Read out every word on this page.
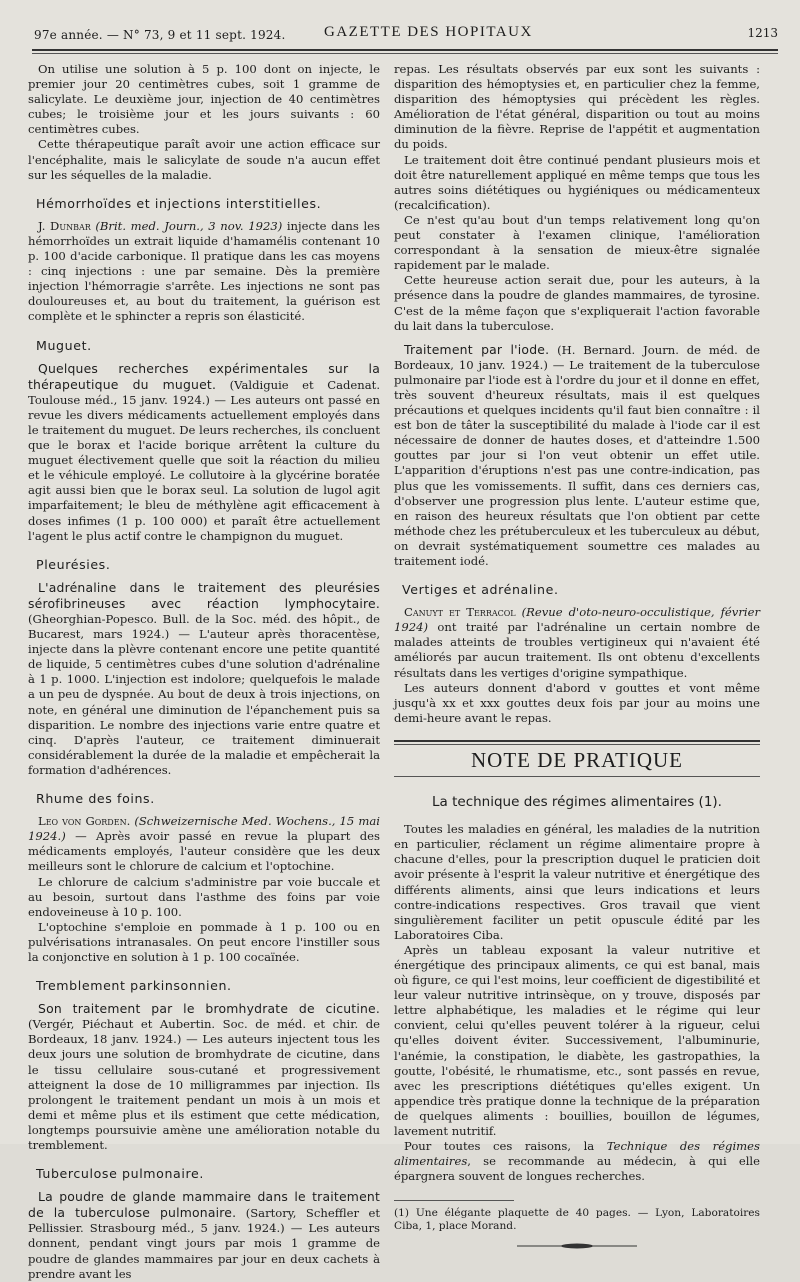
97e année. — N° 73, 9 et 11 sept. 1924.	GAZETTE DES HOPITAUX	1213

On utilise une solution à 5 p. 100 dont on injecte, le premier jour 20 centimètres cubes, soit 1 gramme de salicylate. Le deuxième jour, injection de 40 centimètres cubes; le troisième jour et les jours suivants : 60 centimètres cubes.

Cette thérapeutique paraît avoir une action efficace sur l'encéphalite, mais le salicylate de soude n'a aucun effet sur les séquelles de la maladie.

Hémorrhoïdes et injections interstitielles.

J. Dunbar (Brit. med. Journ., 3 nov. 1923) injecte dans les hémorrhoïdes un extrait liquide d'hamamélis contenant 10 p. 100 d'acide carbonique. Il pratique dans les cas moyens : cinq injections : une par semaine. Dès la première injection l'hémorragie s'arrête. Les injections ne sont pas douloureuses et, au bout du traitement, la guérison est complète et le sphincter a repris son élasticité.

Muguet.

Quelques recherches expérimentales sur la thérapeutique du muguet. (Valdiguie et Cadenat. Toulouse méd., 15 janv. 1924.) — Les auteurs ont passé en revue les divers médicaments actuellement employés dans le traitement du muguet. De leurs recherches, ils concluent que le borax et l'acide borique arrêtent la culture du muguet électivement quelle que soit la réaction du milieu et le véhicule employé. Le collutoire à la glycérine boratée agit aussi bien que le borax seul. La solution de lugol agit imparfaitement; le bleu de méthylène agit efficacement à doses infimes (1 p. 100 000) et paraît être actuellement l'agent le plus actif contre le champignon du muguet.

Pleurésies.

L'adrénaline dans le traitement des pleurésies sérofibrineuses avec réaction lymphocytaire. (Gheorghian-Popesco. Bull. de la Soc. méd. des hôpit., de Bucarest, mars 1924.) — L'auteur après thoracentèse, injecte dans la plèvre contenant encore une petite quantité de liquide, 5 centimètres cubes d'une solution d'adrénaline à 1 p. 1000. L'injection est indolore; quelquefois le malade a un peu de dyspnée. Au bout de deux à trois injections, on note, en général une diminution de l'épanchement puis sa disparition. Le nombre des injections varie entre quatre et cinq. D'après l'auteur, ce traitement diminuerait considérablement la durée de la maladie et empêcherait la formation d'adhérences.

Rhume des foins.

Leo von Gorden. (Schweizernische Med. Wochens., 15 mai 1924.) — Après avoir passé en revue la plupart des médicaments employés, l'auteur considère que les deux meilleurs sont le chlorure de calcium et l'optochine.

Le chlorure de calcium s'administre par voie buccale et au besoin, surtout dans l'asthme des foins par voie endoveineuse à 10 p. 100.

L'optochine s'emploie en pommade à 1 p. 100 ou en pulvérisations intranasales. On peut encore l'instiller sous la conjonctive en solution à 1 p. 100 cocaïnée.

Tremblement parkinsonnien.

Son traitement par le bromhydrate de cicutine. (Vergér, Piéchaut et Aubertin. Soc. de méd. et chir. de Bordeaux, 18 janv. 1924.) — Les auteurs injectent tous les deux jours une solution de bromhydrate de cicutine, dans le tissu cellulaire sous-cutané et progressivement atteignent la dose de 10 milligrammes par injection. Ils prolongent le traitement pendant un mois à un mois et demi et même plus et ils estiment que cette médication, longtemps poursuivie amène une amélioration notable du tremblement.

Tuberculose pulmonaire.

La poudre de glande mammaire dans le traitement de la tuberculose pulmonaire. (Sartory, Scheffler et Pellissier. Strasbourg méd., 5 janv. 1924.) — Les auteurs donnent, pendant vingt jours par mois 1 gramme de poudre de glandes mammaires par jour en deux cachets à prendre avant les

repas. Les résultats observés par eux sont les suivants : disparition des hémoptysies et, en particulier chez la femme, disparition des hémoptysies qui précèdent les règles. Amélioration de l'état général, disparition ou tout au moins diminution de la fièvre. Reprise de l'appétit et augmentation du poids.

Le traitement doit être continué pendant plusieurs mois et doit être naturellement appliqué en même temps que tous les autres soins diététiques ou hygiéniques ou médicamenteux (recalcification).

Ce n'est qu'au bout d'un temps relativement long qu'on peut constater à l'examen clinique, l'amélioration correspondant à la sensation de mieux-être signalée rapidement par le malade.

Cette heureuse action serait due, pour les auteurs, à la présence dans la poudre de glandes mammaires, de tyrosine. C'est de la même façon que s'expliquerait l'action favorable du lait dans la tuberculose.

Traitement par l'iode. (H. Bernard. Journ. de méd. de Bordeaux, 10 janv. 1924.) — Le traitement de la tuberculose pulmonaire par l'iode est à l'ordre du jour et il donne en effet, très souvent d'heureux résultats, mais il est quelques précautions et quelques incidents qu'il faut bien connaître : il est bon de tâter la susceptibilité du malade à l'iode car il est nécessaire de donner de hautes doses, et d'atteindre 1.500 gouttes par jour si l'on veut obtenir un effet utile. L'apparition d'éruptions n'est pas une contre-indication, pas plus que les vomissements. Il suffit, dans ces derniers cas, d'observer une progression plus lente. L'auteur estime que, en raison des heureux résultats que l'on obtient par cette méthode chez les prétuberculeux et les tuberculeux au début, on devrait systématiquement soumettre ces malades au traitement iodé.

Vertiges et adrénaline.

Canuyt et Terracol (Revue d'oto-neuro-occulistique, février 1924) ont traité par l'adrénaline un certain nombre de malades atteints de troubles vertigineux qui n'avaient été améliorés par aucun traitement. Ils ont obtenu d'excellents résultats dans les vertiges d'origine sympathique.

Les auteurs donnent d'abord v gouttes et vont même jusqu'à xx et xxx gouttes deux fois par jour au moins une demi-heure avant le repas.

NOTE DE PRATIQUE
La technique des régimes alimentaires (1).

Toutes les maladies en général, les maladies de la nutrition en particulier, réclament un régime alimentaire propre à chacune d'elles, pour la prescription duquel le praticien doit avoir présente à l'esprit la valeur nutritive et énergétique des différents aliments, ainsi que leurs indications et leurs contre-indications respectives. Gros travail que vient singulièrement faciliter un petit opuscule édité par les Laboratoires Ciba.

Après un tableau exposant la valeur nutritive et énergétique des principaux aliments, ce qui est banal, mais où figure, ce qui l'est moins, leur coefficient de digestibilité et leur valeur nutritive intrinsèque, on y trouve, disposés par lettre alphabétique, les maladies et le régime qui leur convient, celui qu'elles peuvent tolérer à la rigueur, celui qu'elles doivent éviter. Successivement, l'albuminurie, l'anémie, la constipation, le diabète, les gastropathies, la goutte, l'obésité, le rhumatisme, etc., sont passés en revue, avec les prescriptions diététiques qu'elles exigent. Un appendice très pratique donne la technique de la préparation de quelques aliments : bouillies, bouillon de légumes, lavement nutritif.

Pour toutes ces raisons, la Technique des régimes alimentaires, se recommande au médecin, à qui elle épargnera souvent de longues recherches.

(1) Une élégante plaquette de 40 pages. — Lyon, Laboratoires Ciba, 1, place Morand.
